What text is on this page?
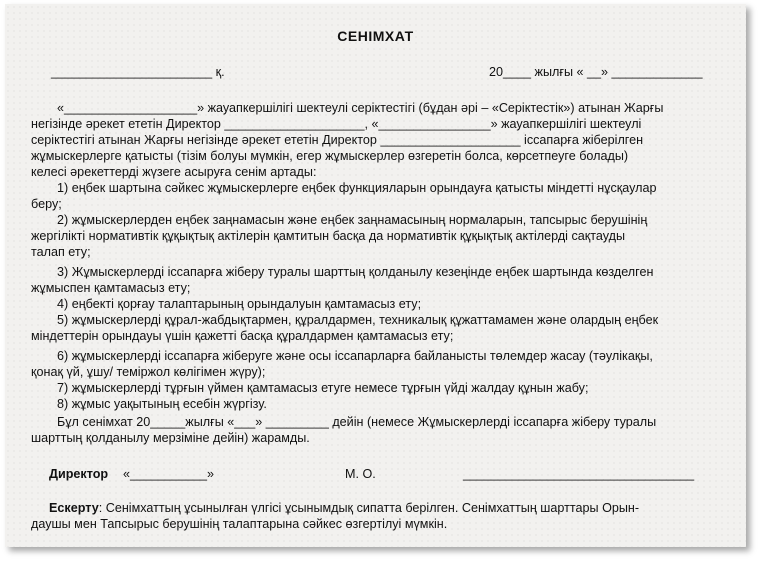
СЕНІМХАТ
_______________________ қ.	20____ жылғы « __» _____________
«___________________» жауапкершілігі шектеулі серіктестігі (бұдан әрі – «Серіктестік») атынан Жарғы
негізінде әрекет ететін Директор ____________________, «________________» жауапкершілігі шектеулі
серіктестігі атынан Жарғы негізінде әрекет ететін Директор ____________________ іссапарға жіберілген
жұмыскерлерге қатысты (тізім болуы мүмкін, егер жұмыскерлер өзгеретін болса, көрсетпеуге болады)
келесі әрекеттерді жүзеге асыруға сенім артады:
1) еңбек шартына сәйкес жұмыскерлерге еңбек функцияларын орындауға қатысты міндетті нұсқаулар
беру;
2) жұмыскерлерден еңбек заңнамасын және еңбек заңнамасының нормаларын, тапсырыс берушінің
жергілікті нормативтік құқықтық актілерін қамтитын басқа да нормативтік құқықтық актілерді сақтауды
талап ету;
3) Жұмыскерлерді іссапарға жіберу туралы шарттың қолданылу кезеңінде еңбек шартында көзделген
жұмыспен қамтамасыз ету;
4) еңбекті қорғау талаптарының орындалуын қамтамасыз ету;
5) жұмыскерлерді құрал-жабдықтармен, құралдармен, техникалық құжаттамамен және олардың еңбек
міндеттерін орындауы үшін қажетті басқа құралдармен қамтамасыз ету;
6) жұмыскерлерді іссапарға жіберуге және осы іссапарларға байланысты төлемдер жасау (тәулікақы,
қонақ үй, ұшу/ теміржол көлігімен жүру);
7) жұмыскерлерді тұрғын үймен қамтамасыз етуге немесе тұрғын үйді жалдау құнын жабу;
8) жұмыс уақытының есебін жүргізу.
Бұл сенімхат 20_____жылғы «___» _________ дейін (немесе Жұмыскерлерді іссапарға жіберу туралы
шарттың қолданылу мерзіміне дейін) жарамды.
Директор «___________»	М. О.	_________________________________
Ескерту: Сенімхаттың ұсынылған үлгісі ұсынымдық сипатта берілген. Сенімхаттың шарттары Орын-
даушы мен Тапсырыс берушінің талаптарына сәйкес өзгертілуі мүмкін.
